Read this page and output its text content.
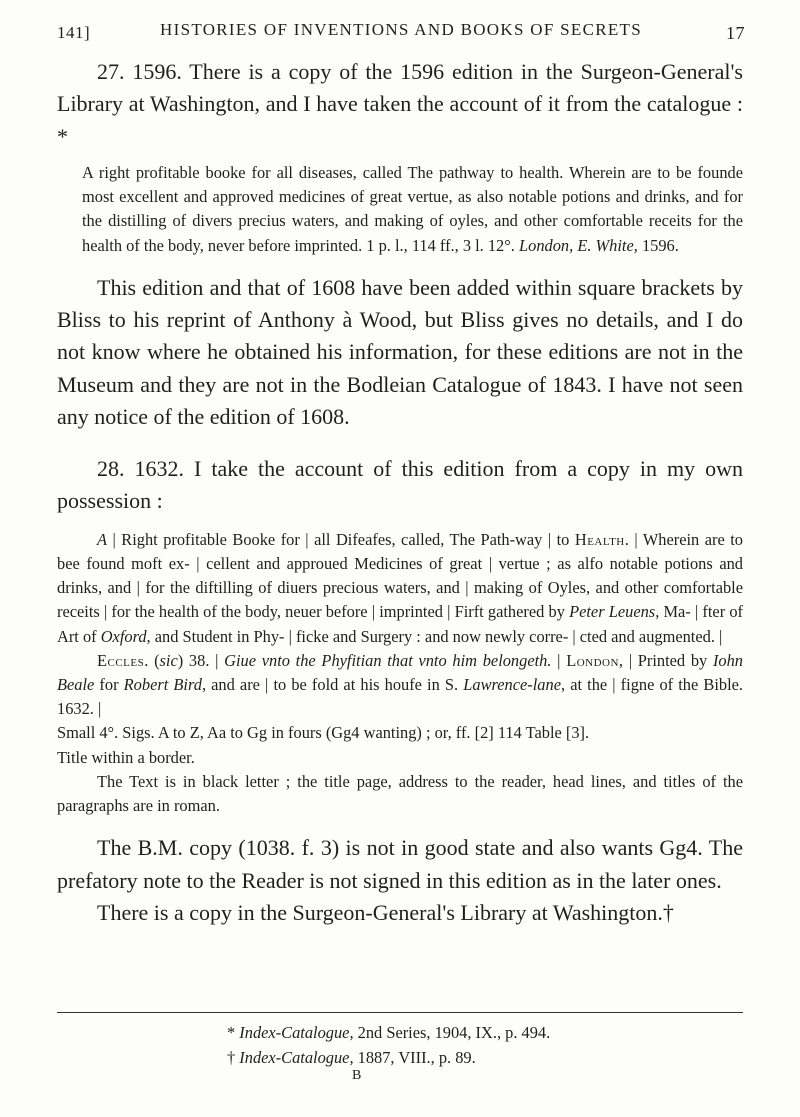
141]	HISTORIES OF INVENTIONS AND BOOKS OF SECRETS	17

27. 1596. There is a copy of the 1596 edition in the Surgeon-General's Library at Washington, and I have taken the account of it from the catalogue : *

A right profitable booke for all diseases, called The pathway to health. Wherein are to be founde most excellent and approved medicines of great vertue, as also notable potions and drinks, and for the distilling of divers precius waters, and making of oyles, and other comfortable receits for the health of the body, never before imprinted. 1 p. l., 114 ff., 3 l. 12°. London, E. White, 1596.

This edition and that of 1608 have been added within square brackets by Bliss to his reprint of Anthony à Wood, but Bliss gives no details, and I do not know where he obtained his information, for these editions are not in the Museum and they are not in the Bodleian Catalogue of 1843. I have not seen any notice of the edition of 1608.

28. 1632. I take the account of this edition from a copy in my own possession :

A | Right profitable Booke for | all Difeafes, called, The Path-way | to Health. | Wherein are to bee found moft ex- | cellent and approued Medicines of great | vertue ; as alfo notable potions and drinks, and | for the diftilling of diuers precious waters, and | making of Oyles, and other comfortable receits | for the health of the body, neuer before | imprinted | Firft gathered by Peter Leuens, Ma- | fter of Art of Oxford, and Student in Phy- | ficke and Surgery : and now newly corre- | cted and augmented. |

Eccles. (sic) 38. | Giue vnto the Phyfitian that vnto him belongeth. | London, | Printed by Iohn Beale for Robert Bird, and are | to be fold at his houfe in S. Lawrence-lane, at the | figne of the Bible. 1632. |

Small 4°. Sigs. A to Z, Aa to Gg in fours (Gg4 wanting) ; or, ff. [2] 114 Table [3].

Title within a border.

The Text is in black letter ; the title page, address to the reader, head lines, and titles of the paragraphs are in roman.

The B.M. copy (1038. f. 3) is not in good state and also wants Gg4. The prefatory note to the Reader is not signed in this edition as in the later ones.

There is a copy in the Surgeon-General's Library at Washington.†

* Index-Catalogue, 2nd Series, 1904, IX., p. 494.
† Index-Catalogue, 1887, VIII., p. 89.
B
